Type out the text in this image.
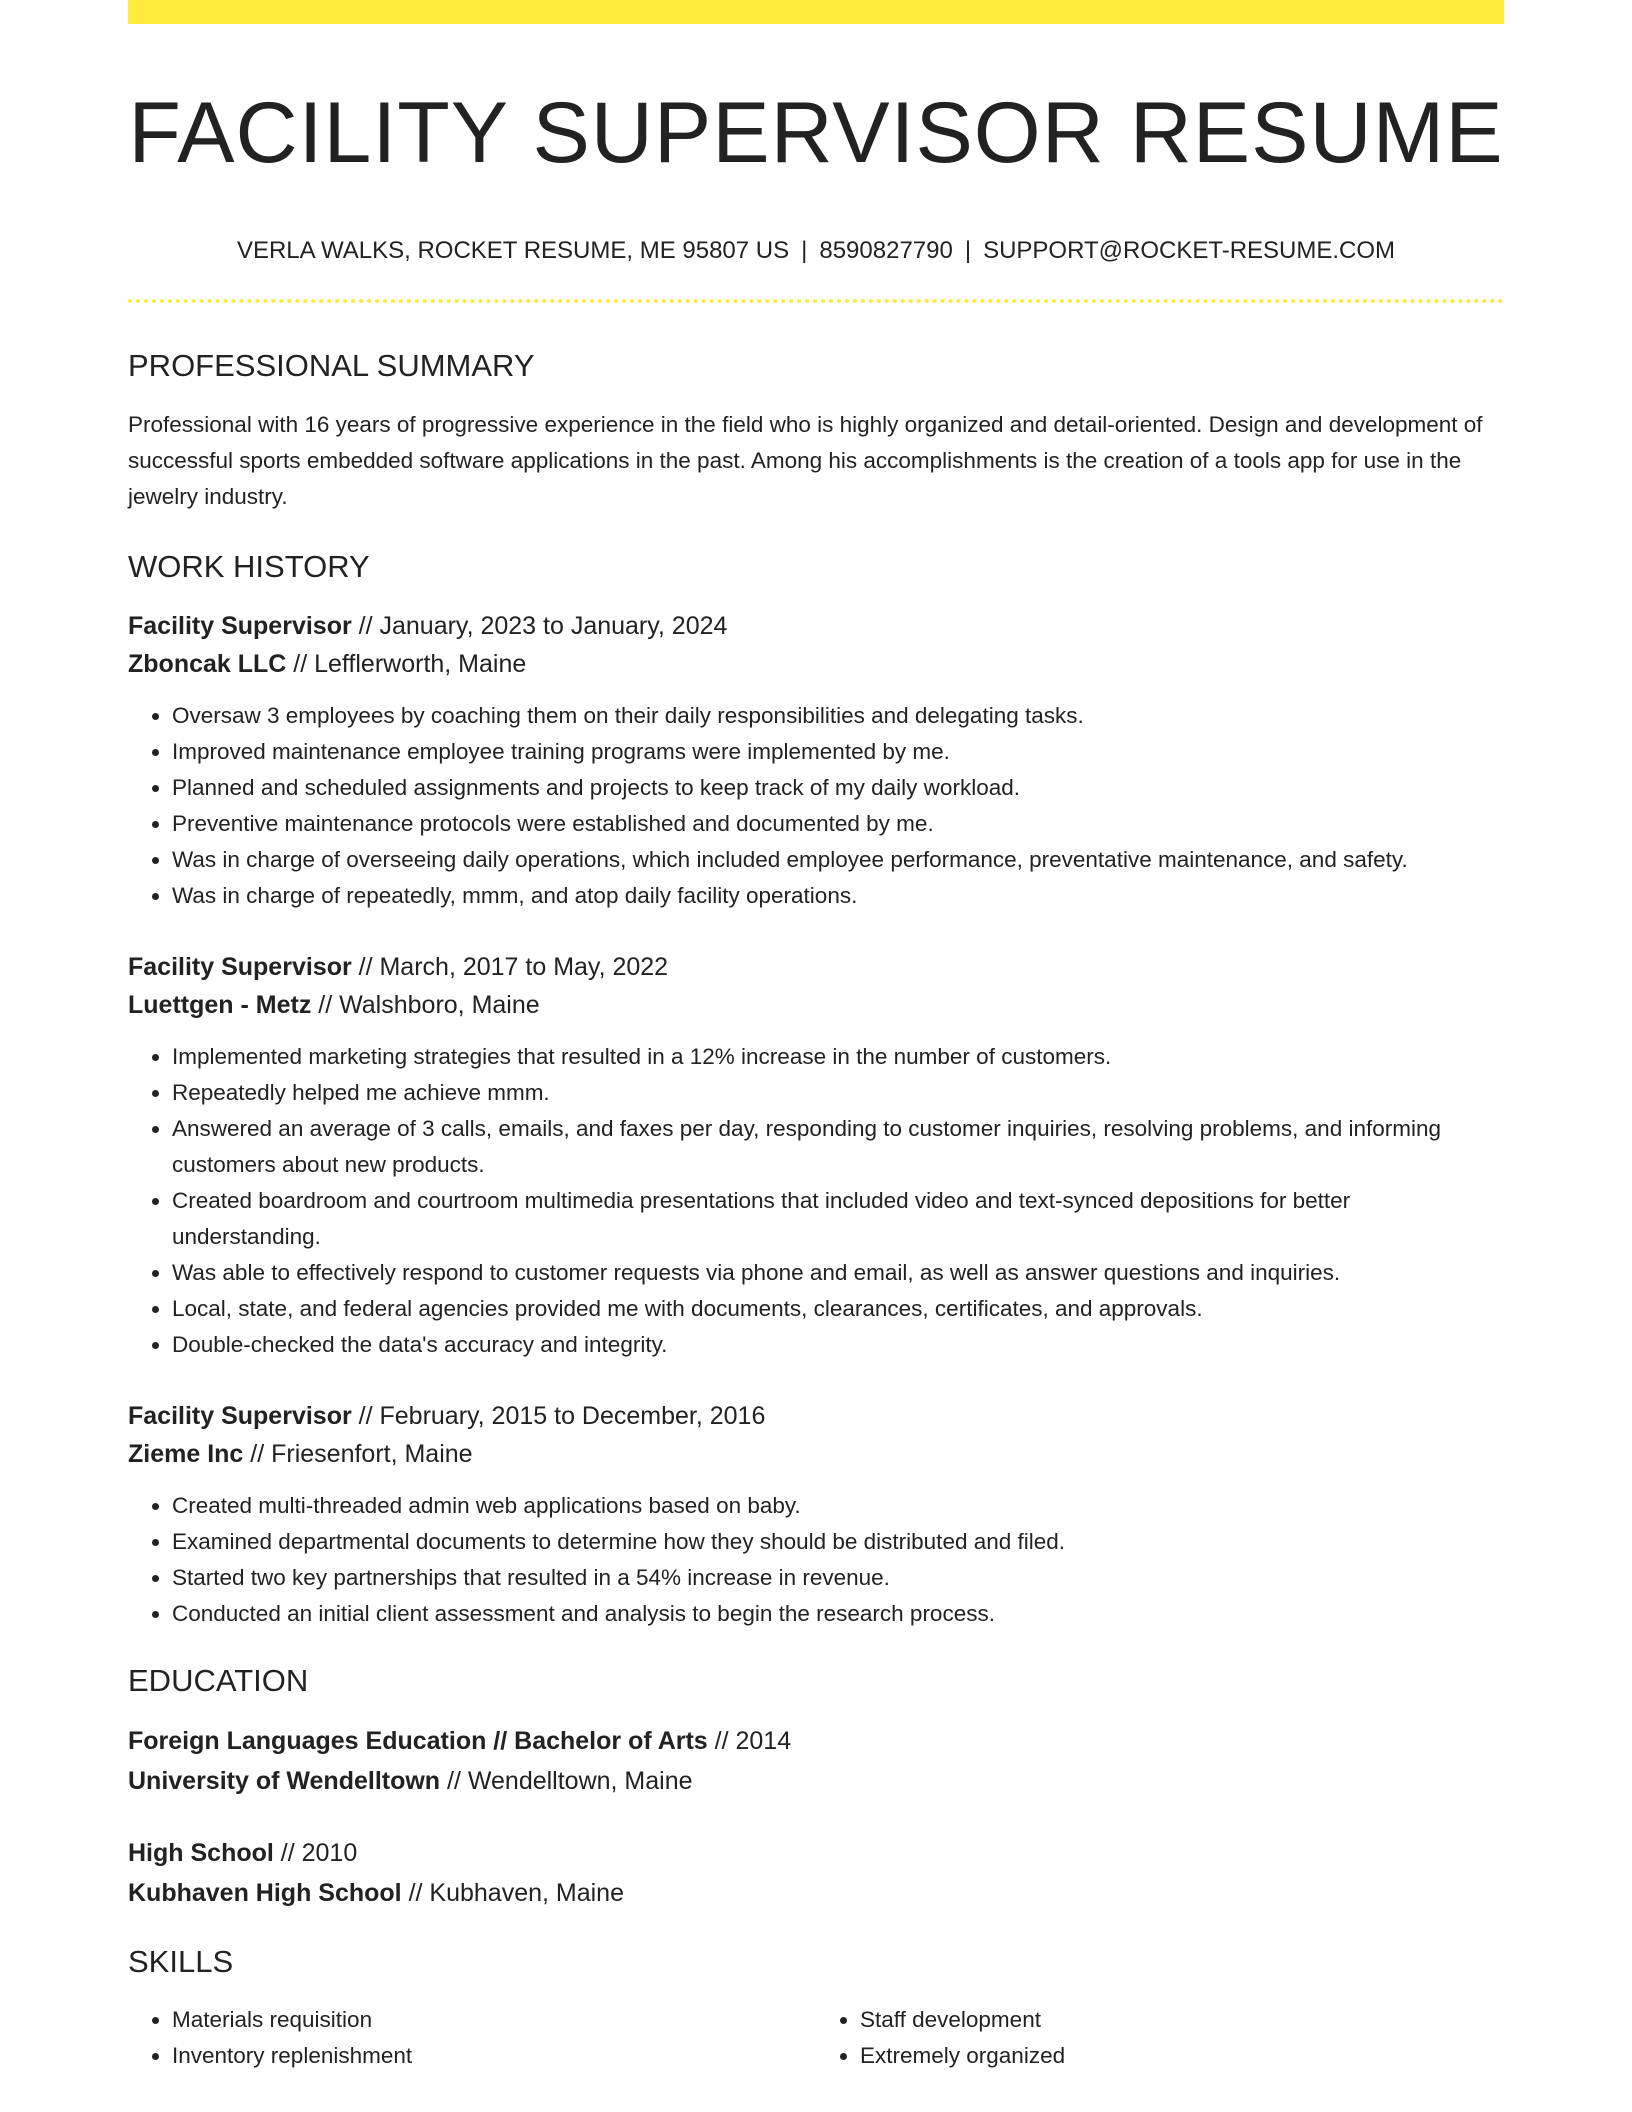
FACILITY SUPERVISOR RESUME
VERLA WALKS, ROCKET RESUME, ME 95807 US | 8590827790 | SUPPORT@ROCKET-RESUME.COM
PROFESSIONAL SUMMARY

Professional with 16 years of progressive experience in the field who is highly organized and detail-oriented. Design and development of successful sports embedded software applications in the past. Among his accomplishments is the creation of a tools app for use in the jewelry industry.

WORK HISTORY
Facility Supervisor // January, 2023 to January, 2024
Zboncak LLC // Lefflerworth, Maine
• Oversaw 3 employees by coaching them on their daily responsibilities and delegating tasks.
• Improved maintenance employee training programs were implemented by me.
• Planned and scheduled assignments and projects to keep track of my daily workload.
• Preventive maintenance protocols were established and documented by me.
• Was in charge of overseeing daily operations, which included employee performance, preventative maintenance, and safety.
• Was in charge of repeatedly, mmm, and atop daily facility operations.
Facility Supervisor // March, 2017 to May, 2022
Luettgen - Metz // Walshboro, Maine
• Implemented marketing strategies that resulted in a 12% increase in the number of customers.
• Repeatedly helped me achieve mmm.
• Answered an average of 3 calls, emails, and faxes per day, responding to customer inquiries, resolving problems, and informing customers about new products.
• Created boardroom and courtroom multimedia presentations that included video and text-synced depositions for better understanding.
• Was able to effectively respond to customer requests via phone and email, as well as answer questions and inquiries.
• Local, state, and federal agencies provided me with documents, clearances, certificates, and approvals.
• Double-checked the data's accuracy and integrity.
Facility Supervisor // February, 2015 to December, 2016
Zieme Inc // Friesenfort, Maine
• Created multi-threaded admin web applications based on baby.
• Examined departmental documents to determine how they should be distributed and filed.
• Started two key partnerships that resulted in a 54% increase in revenue.
• Conducted an initial client assessment and analysis to begin the research process.
EDUCATION
Foreign Languages Education // Bachelor of Arts // 2014
University of Wendelltown // Wendelltown, Maine
High School // 2010
Kubhaven High School // Kubhaven, Maine
SKILLS
• Materials requisition
• Inventory replenishment
• Staff development
• Extremely organized
